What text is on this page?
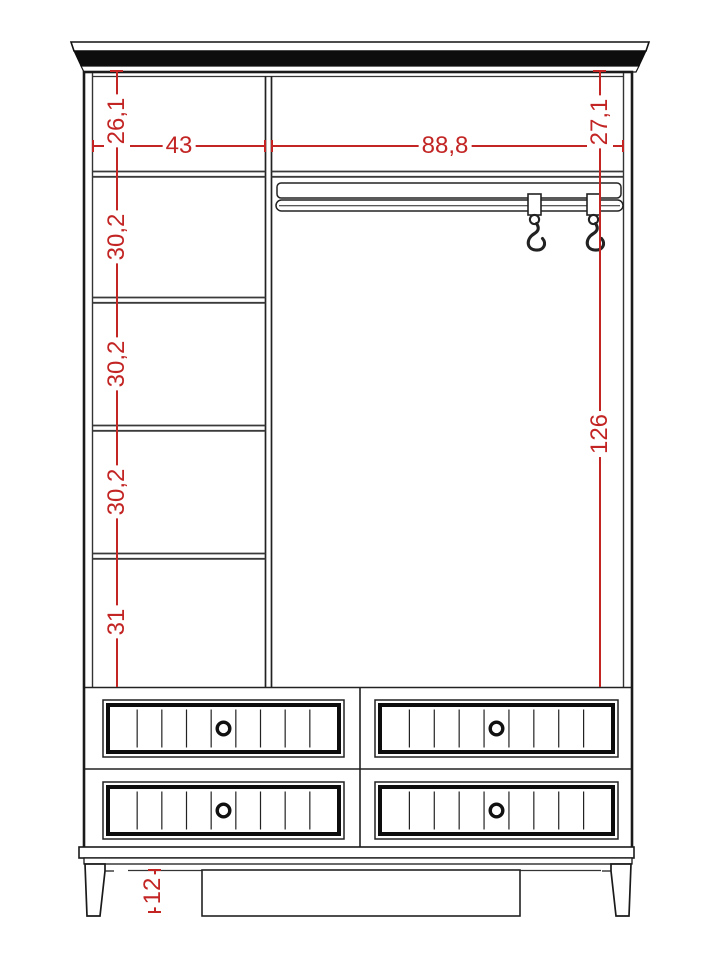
26,1
30,2
30,2
30,2
31
43	88,8
27,1
126
12
